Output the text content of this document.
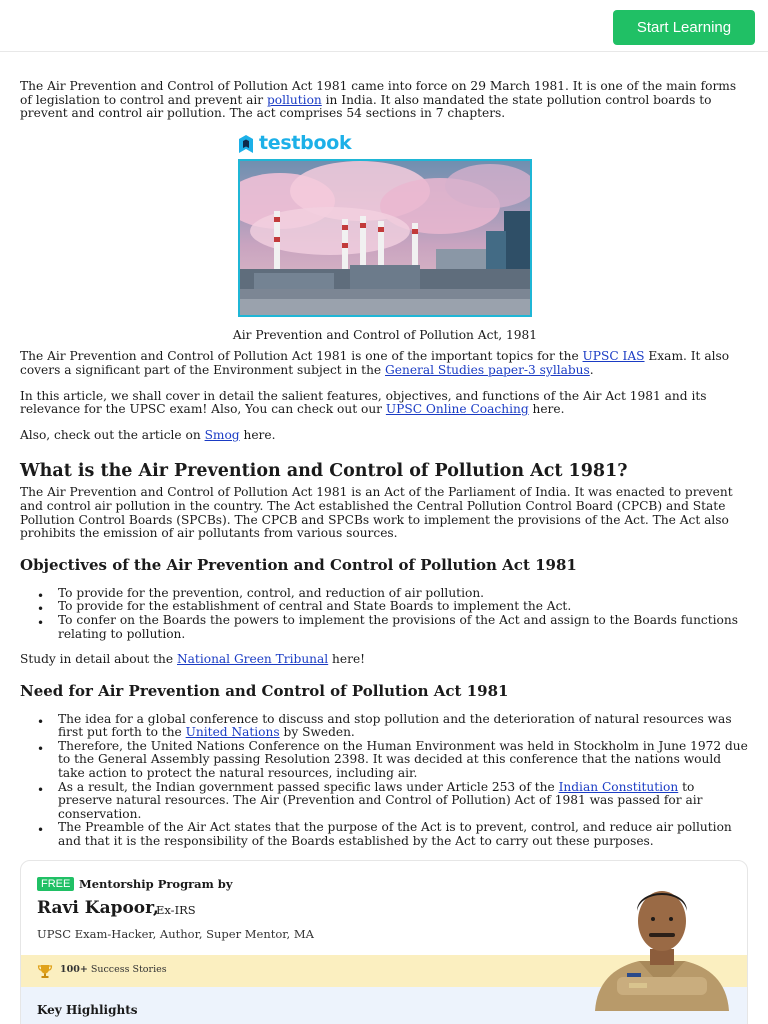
Start Learning

The Air Prevention and Control of Pollution Act 1981 came into force on 29 March 1981. It is one of the main forms of legislation to control and prevent air pollution in India. It also mandated the state pollution control boards to prevent and control air pollution. The act comprises 54 sections in 7 chapters.

testbook
Air Prevention and Control of Pollution Act, 1981

The Air Prevention and Control of Pollution Act 1981 is one of the important topics for the UPSC IAS Exam. It also covers a significant part of the Environment subject in the General Studies paper-3 syllabus.

In this article, we shall cover in detail the salient features, objectives, and functions of the Air Act 1981 and its relevance for the UPSC exam! Also, You can check out our UPSC Online Coaching here.

Also, check out the article on Smog here.

What is the Air Prevention and Control of Pollution Act 1981?

The Air Prevention and Control of Pollution Act 1981 is an Act of the Parliament of India. It was enacted to prevent and control air pollution in the country. The Act established the Central Pollution Control Board (CPCB) and State Pollution Control Boards (SPCBs). The CPCB and SPCBs work to implement the provisions of the Act. The Act also prohibits the emission of air pollutants from various sources.

Objectives of the Air Prevention and Control of Pollution Act 1981
• To provide for the prevention, control, and reduction of air pollution.
• To provide for the establishment of central and State Boards to implement the Act.
• To confer on the Boards the powers to implement the provisions of the Act and assign to the Boards functions relating to pollution.

Study in detail about the National Green Tribunal here!

Need for Air Prevention and Control of Pollution Act 1981
• The idea for a global conference to discuss and stop pollution and the deterioration of natural resources was first put forth to the United Nations by Sweden.
• Therefore, the United Nations Conference on the Human Environment was held in Stockholm in June 1972 due to the General Assembly passing Resolution 2398. It was decided at this conference that the nations would take action to protect the natural resources, including air.
• As a result, the Indian government passed specific laws under Article 253 of the Indian Constitution to preserve natural resources. The Air (Prevention and Control of Pollution) Act of 1981 was passed for air conservation.
• The Preamble of the Air Act states that the purpose of the Act is to prevent, control, and reduce air pollution and that it is the responsibility of the Boards established by the Act to carry out these purposes.
FREE Mentorship Program by
Ravi Kapoor,
Ex-IRS
UPSC Exam-Hacker, Author, Super Mentor, MA
100+ Success Stories
Key Highlights
